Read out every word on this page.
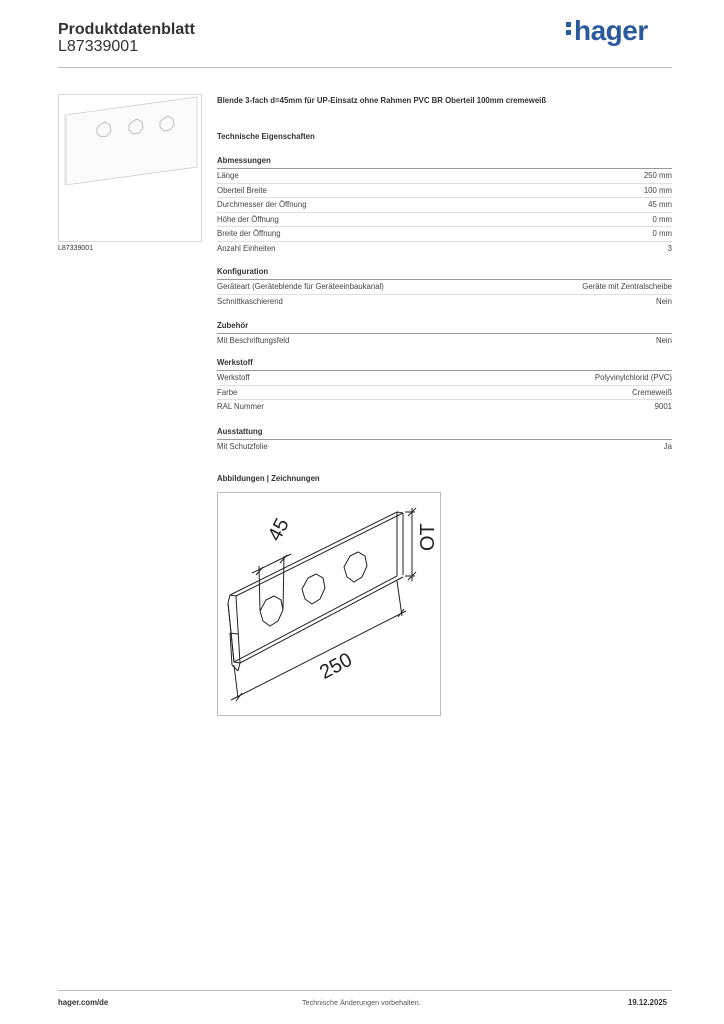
Produktdatenblatt
L87339001
hager
L87339001

Blende 3-fach d=45mm für UP-Einsatz ohne Rahmen PVC BR Oberteil 100mm cremeweiß

Technische Eigenschaften

Abmessungen
Länge	250 mm
Oberteil Breite	100 mm
Durchmesser der Öffnung	45 mm
Höhe der Öffnung	0 mm
Breite der Öffnung	0 mm
Anzahl Einheiten	3
Konfiguration
Geräteart (Geräteblende für Geräteeinbaukanal)	Geräte mit Zentralscheibe
Schnittkaschierend	Nein
Zubehör
Mit Beschriftungsfeld	Nein
Werkstoff
Werkstoff	Polyvinylchlorid (PVC)
Farbe	Cremeweiß
RAL Nummer	9001
Ausstattung
Mit Schutzfolie	Ja
Abbildungen | Zeichnungen
45
250
OT
hager.com/de	Technische Änderungen vorbehalten.	19.12.2025
